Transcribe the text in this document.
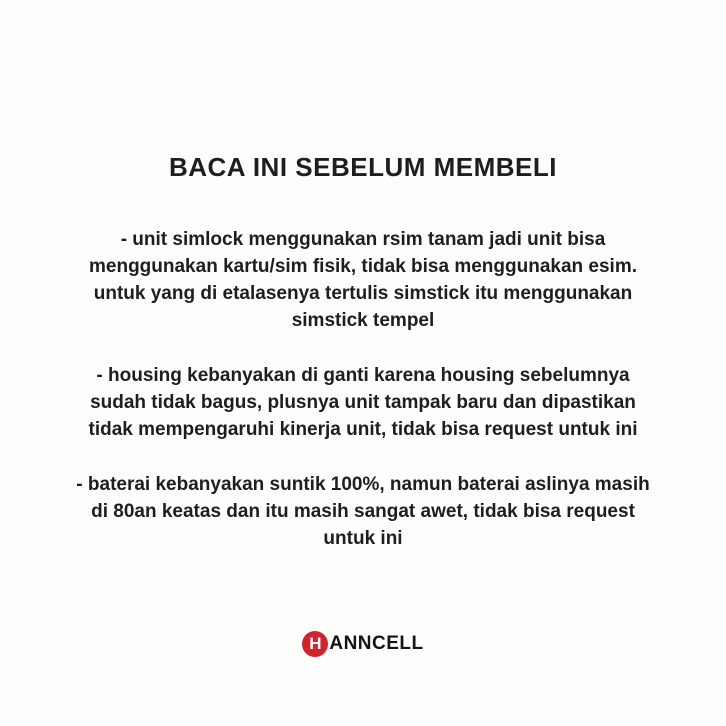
BACA INI SEBELUM MEMBELI

- unit simlock menggunakan rsim tanam jadi unit bisa menggunakan kartu/sim fisik, tidak bisa menggunakan esim. untuk yang di etalasenya tertulis simstick itu menggunakan simstick tempel

- housing kebanyakan di ganti karena housing sebelumnya sudah tidak bagus, plusnya unit tampak baru dan dipastikan tidak mempengaruhi kinerja unit, tidak bisa request untuk ini

- baterai kebanyakan suntik 100%, namun baterai aslinya masih di 80an keatas dan itu masih sangat awet, tidak bisa request untuk ini

H ANNCELL
